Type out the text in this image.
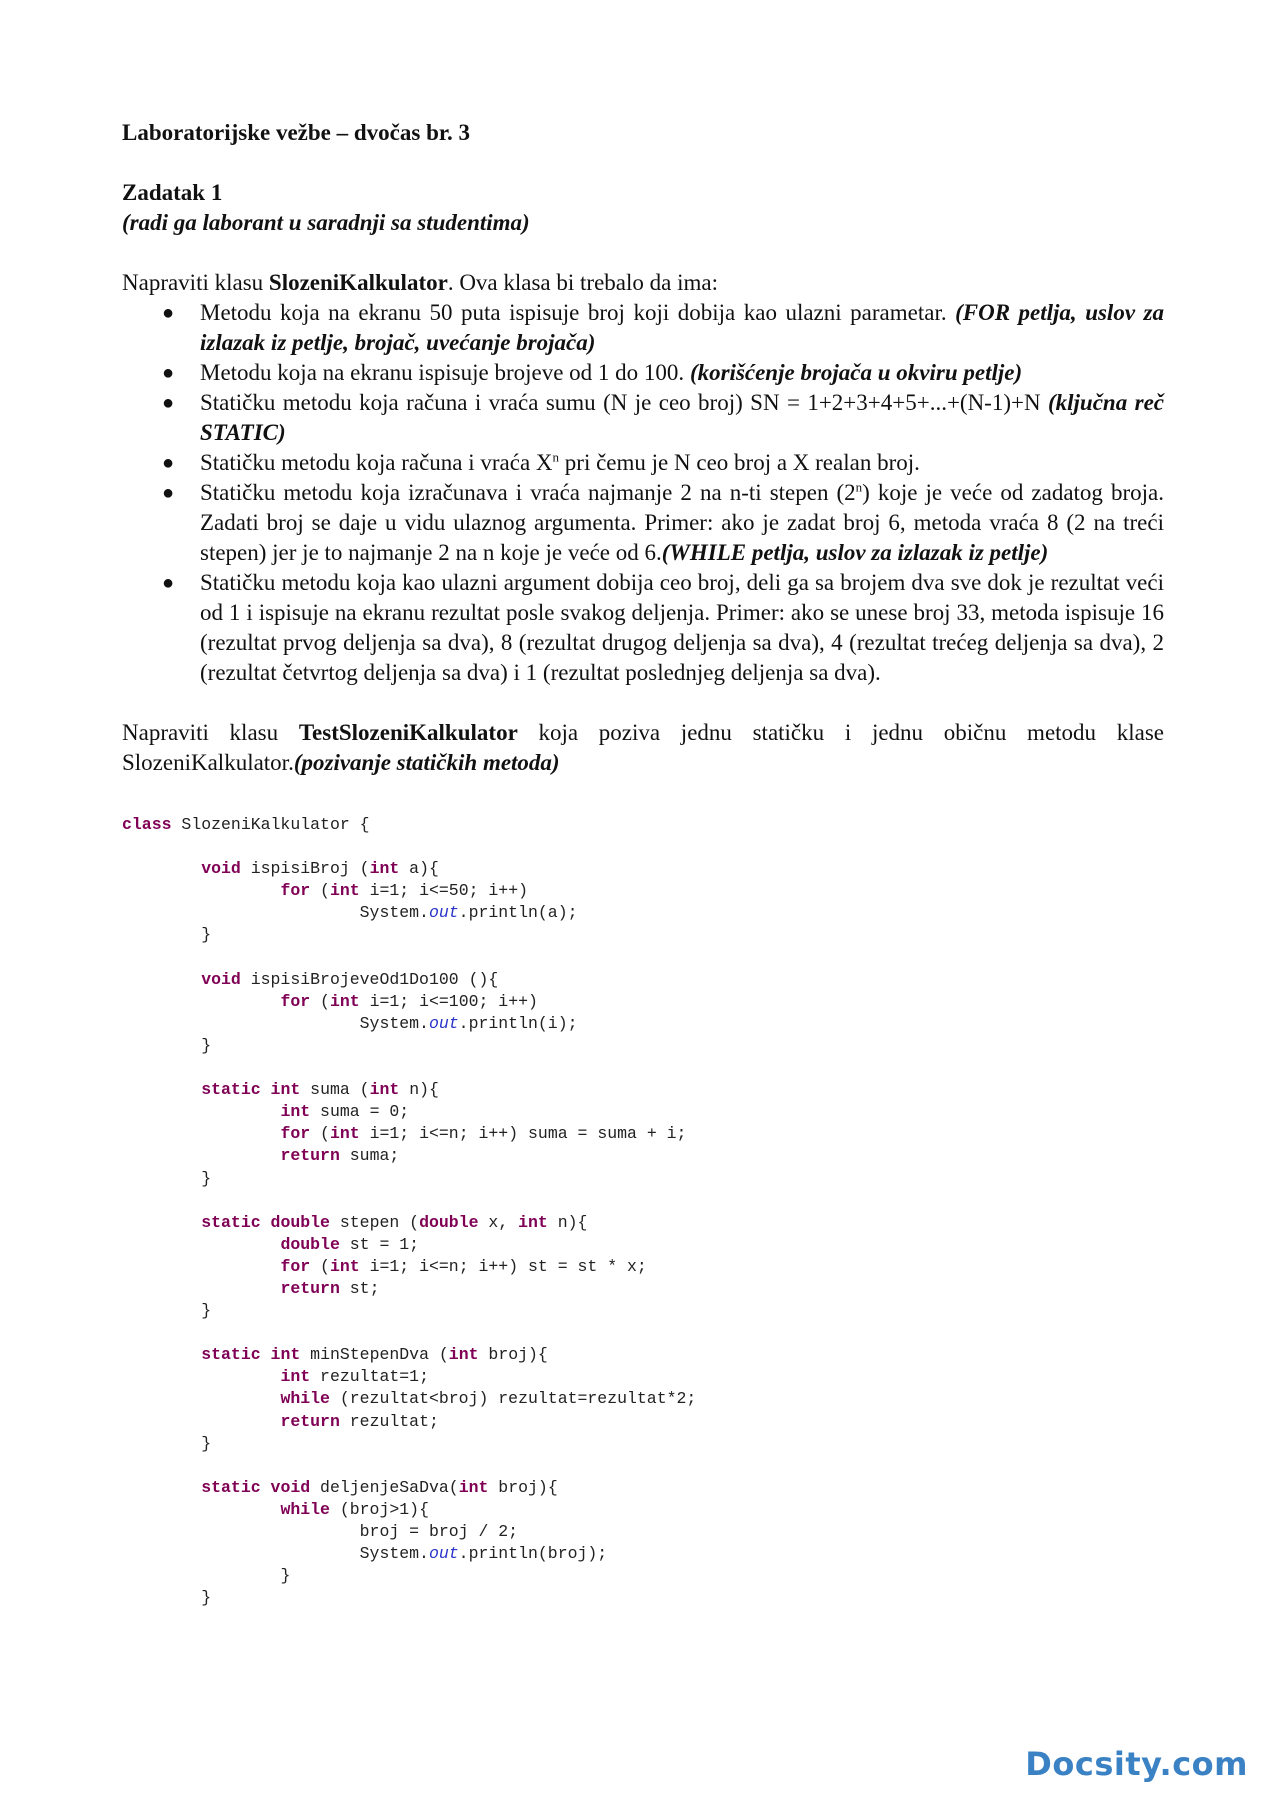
Laboratorijske vežbe – dvočas br. 3

Zadatak 1

(radi ga laborant u saradnji sa studentima)

Napraviti klasu SlozeniKalkulator. Ova klasa bi trebalo da ima:

● Metodu koja na ekranu 50 puta ispisuje broj koji dobija kao ulazni parametar. (FOR petlja, uslov za izlazak iz petlje, brojač, uvećanje brojača)
● Metodu koja na ekranu ispisuje brojeve od 1 do 100. (korišćenje brojača u okviru petlje)
● Statičku metodu koja računa i vraća sumu (N je ceo broj) SN = 1+2+3+4+5+...+(N-1)+N (ključna reč STATIC)
● Statičku metodu koja računa i vraća $X^n$ pri čemu je N ceo broj a X realan broj.
● Statičku metodu koja izračunava i vraća najmanje 2 na n-ti stepen (2$^n$) koje je veće od zadatog broja. Zadati broj se daje u vidu ulaznog argumenta. Primer: ako je zadat broj 6, metoda vraća 8 (2 na treći stepen) jer je to najmanje 2 na n koje je veće od 6.(WHILE petlja, uslov za izlazak iz petlje)
● Statičku metodu koja kao ulazni argument dobija ceo broj, deli ga sa brojem dva sve dok je rezultat veći od 1 i ispisuje na ekranu rezultat posle svakog deljenja. Primer: ako se unese broj 33, metoda ispisuje 16 (rezultat prvog deljenja sa dva), 8 (rezultat drugog deljenja sa dva), 4 (rezultat trećeg deljenja sa dva), 2 (rezultat četvrtog deljenja sa dva) i 1 (rezultat poslednjeg deljenja sa dva).

Napraviti klasu TestSlozeniKalkulator koja poziva jednu statičku i jednu običnu metodu klase SlozeniKalkulator.(pozivanje statičkih metoda)

class SlozeniKalkulator {
void ispisiBroj (int a){
for (int i=1; i<=50; i++)
System.out.println(a);
}
void ispisiBrojeveOd1Do100 (){
for (int i=1; i<=100; i++)
System.out.println(i);
}
static int suma (int n){
int suma = 0;
for (int i=1; i<=n; i++) suma = suma + i;
return suma;
}
static double stepen (double x, int n){
double st = 1;
for (int i=1; i<=n; i++) st = st * x;
return st;
}
static int minStepenDva (int broj){
int rezultat=1;
while (rezultat<broj) rezultat=rezultat*2;
return rezultat;
}
static void deljenjeSaDva(int broj){
while (broj>1){
broj = broj / 2;
System.out.println(broj);
}
}
Docsity.com
